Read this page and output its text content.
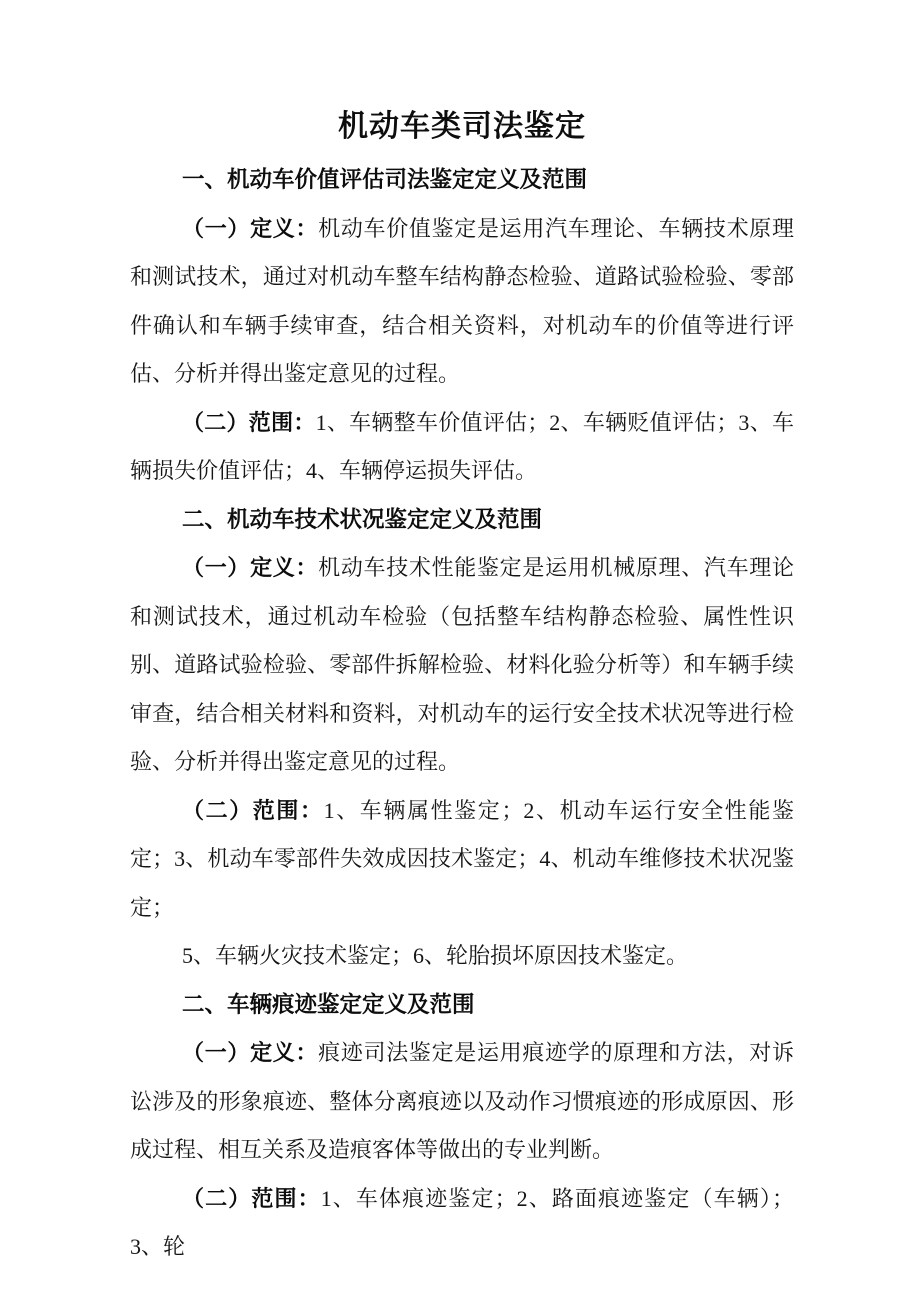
机动车类司法鉴定
一、机动车价值评估司法鉴定定义及范围

（一）定义：机动车价值鉴定是运用汽车理论、车辆技术原理和测试技术，通过对机动车整车结构静态检验、道路试验检验、零部件确认和车辆手续审查，结合相关资料，对机动车的价值等进行评估、分析并得出鉴定意见的过程。

（二）范围：1、车辆整车价值评估；2、车辆贬值评估；3、车辆损失价值评估；4、车辆停运损失评估。

二、机动车技术状况鉴定定义及范围

（一）定义：机动车技术性能鉴定是运用机械原理、汽车理论和测试技术，通过机动车检验（包括整车结构静态检验、属性性识别、道路试验检验、零部件拆解检验、材料化验分析等）和车辆手续审查，结合相关材料和资料，对机动车的运行安全技术状况等进行检验、分析并得出鉴定意见的过程。

（二）范围：1、车辆属性鉴定；2、机动车运行安全性能鉴定；3、机动车零部件失效成因技术鉴定；4、机动车维修技术状况鉴定；

5、车辆火灾技术鉴定；6、轮胎损坏原因技术鉴定。

二、车辆痕迹鉴定定义及范围

（一）定义：痕迹司法鉴定是运用痕迹学的原理和方法，对诉讼涉及的形象痕迹、整体分离痕迹以及动作习惯痕迹的形成原因、形成过程、相互关系及造痕客体等做出的专业判断。

（二）范围：1、车体痕迹鉴定；2、路面痕迹鉴定（车辆）；3、轮
